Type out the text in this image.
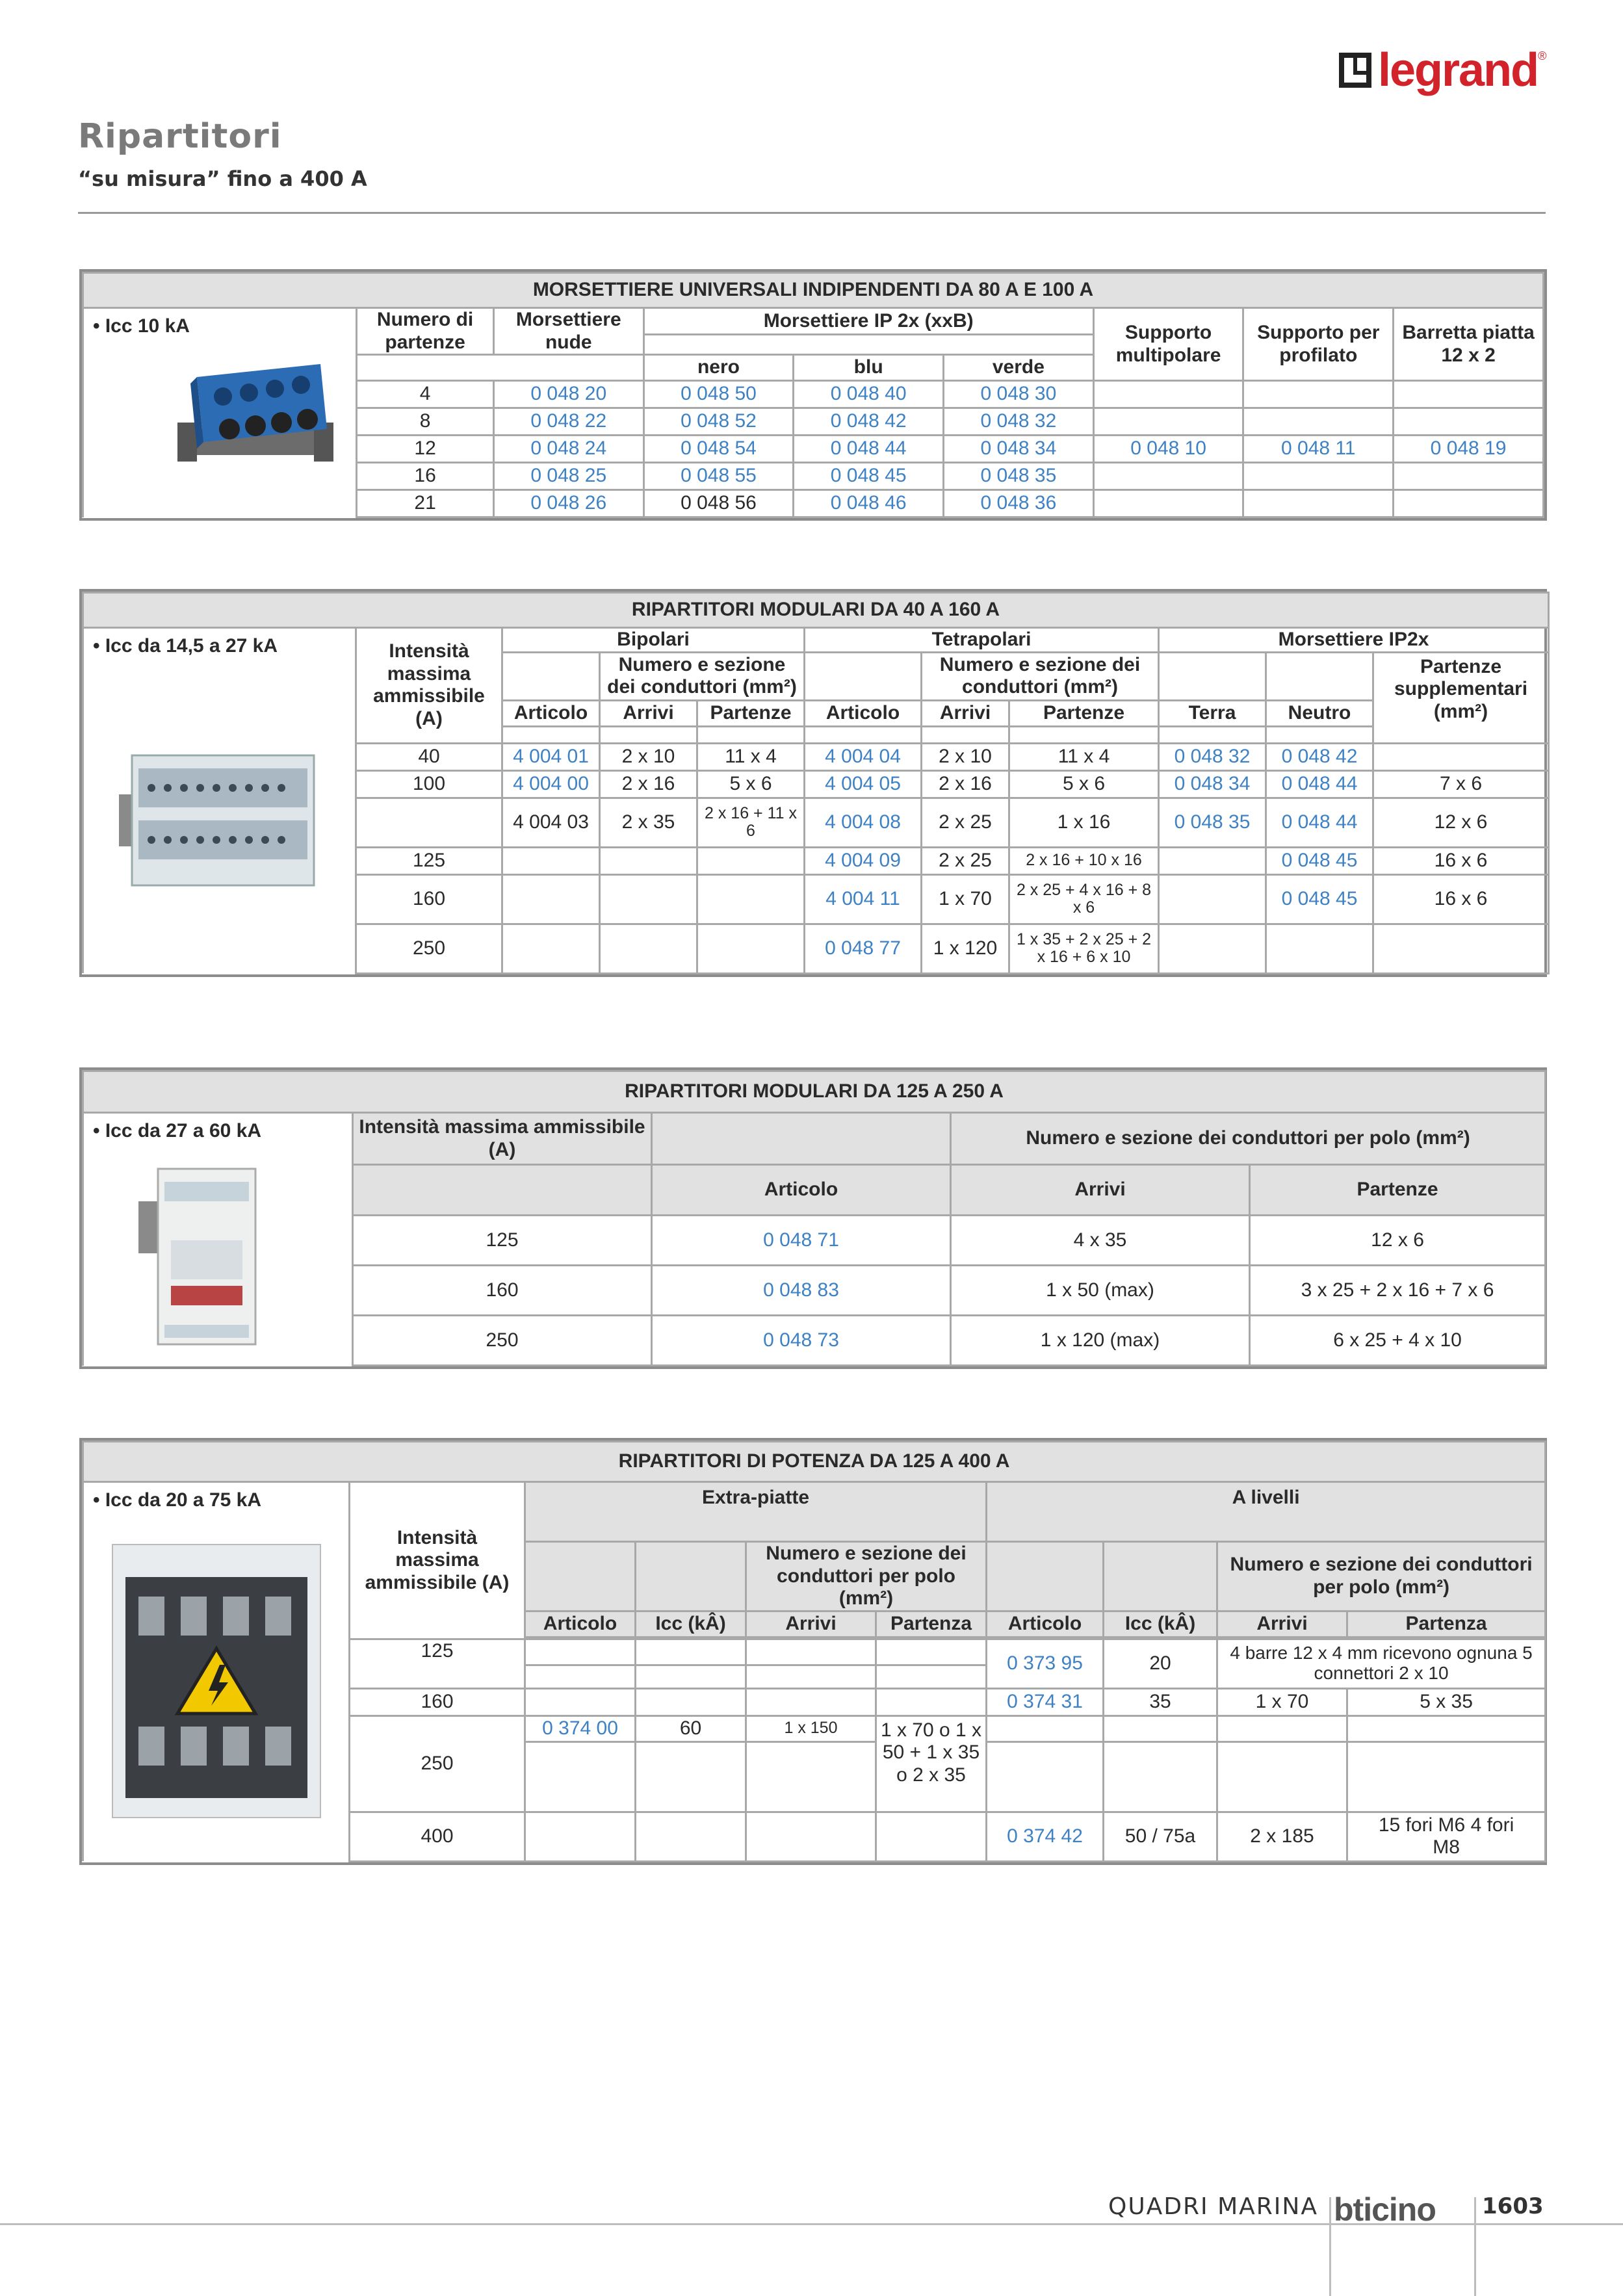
legrand ®
Ripartitori
“su misura” fino a 400 A
MORSETTIERE UNIVERSALI INDIPENDENTI DA 80 A E 100 A								

• Icc 10 kA	Numero di partenze	Morsettiere nude	Morsettiere IP 2x (xxB)			Supporto multipolare	Supporto per profilato	Barretta piatta 12 x 2

			nero	blu	verde			
	4	0 048 20	0 048 50	0 048 40	0 048 30			
	8	0 048 22	0 048 52	0 048 42	0 048 32			
	12	0 048 24	0 048 54	0 048 44	0 048 34	0 048 10	0 048 11	0 048 19
	16	0 048 25	0 048 55	0 048 45	0 048 35			
	21	0 048 26	0 048 56	0 048 46	0 048 36			
RIPARTITORI MODULARI DA 40 A 160 A										

• Icc da 14,5 a 27 kA	Intensità massima ammissibile (A)	Bipolari			Tetrapolari			Morsettiere IP2x		
			Numero e sezione dei conduttori (mm²)			Numero e sezione dei conduttori (mm²)				Partenze supplementari (mm²)
		Articolo	Arrivi	Partenze	Articolo	Arrivi	Partenze	Terra	Neutro	

	40	4 004 01	2 x 10	11 x 4	4 004 04	2 x 10	11 x 4	0 048 32	0 048 42	
	100	4 004 00	2 x 16	5 x 6	4 004 05	2 x 16	5 x 6	0 048 34	0 048 44	7 x 6
		4 004 03	2 x 35	2 x 16 + 11 x 6	4 004 08	2 x 25	1 x 16	0 048 35	0 048 44	12 x 6
	125				4 004 09	2 x 25	2 x 16 + 10 x 16		0 048 45	16 x 6
	160				4 004 11	1 x 70	2 x 25 + 4 x 16 + 8 x 6		0 048 45	16 x 6
	250				0 048 77	1 x 120	1 x 35 + 2 x 25 + 2 x 16 + 6 x 10			
RIPARTITORI MODULARI DA 125 A 250 A				

• Icc da 27 a 60 kA	Intensità massima ammissibile (A)		Numero e sezione dei conduttori per polo (mm²)	
		Articolo	Arrivi	Partenze
	125	0 048 71	4 x 35	12 x 6
	160	0 048 83	1 x 50 (max)	3 x 25 + 2 x 16 + 7 x 6
	250	0 048 73	1 x 120 (max)	6 x 25 + 4 x 10
RIPARTITORI DI POTENZA DA 125 A 400 A									

• Icc da 20 a 75 kA	Intensità massima ammissibile (A)	Extra-piatte				A livelli			
				Numero e sezione dei conduttori per polo (mm²)				Numero e sezione dei conduttori per polo (mm²)	
		Articolo	Icc (kÂ)	Arrivi	Partenza	Articolo	Icc (kÂ)	Arrivi	Partenza

	125					0 373 95	20	4 barre 12 x 4 mm ricevono ognuna 5 connettori 2 x 10	

	160					0 374 31	35	1 x 70	5 x 35
	250	0 374 00	60	1 x 150	1 x 70 o 1 x 50 + 1 x 35 o 2 x 35				

	400					0 374 42	50 / 75a	2 x 185	15 fori M6 4 fori M8
QUADRI MARINA bticino 1603
